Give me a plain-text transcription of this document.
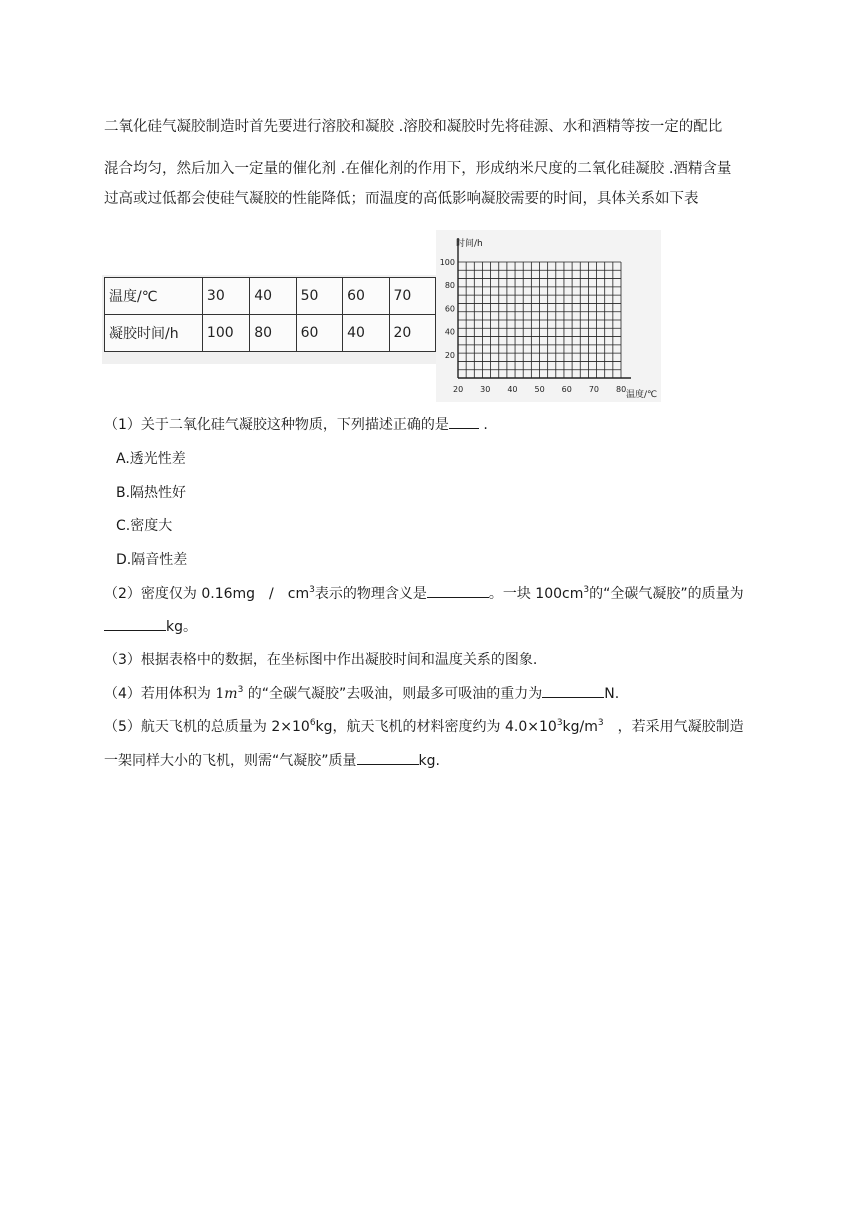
二氧化硅气凝胶制造时首先要进行溶胶和凝胶 .溶胶和凝胶时先将硅源、水和酒精等按一定的配比
混合均匀，然后加入一定量的催化剂 .在催化剂的作用下，形成纳米尺度的二氧化硅凝胶 .酒精含量
过高或过低都会使硅气凝胶的性能降低；而温度的高低影响凝胶需要的时间，具体关系如下表
温度/℃	30	40	50	60	70
凝胶时间/h	100	80	60	40	20
20 30 40 50 60 70 80
20
40
60
80
100
时间/h
温度/℃
（1）关于二氧化硅气凝胶这种物质，下列描述正确的是 .
A.透光性差
B.隔热性好
C.密度大
D.隔音性差
（2）密度仅为 0.16mg　/　$cm^3$表示的物理含义是	。一块 $100cm^3$的“全碳气凝胶”的质量为
kg。
（3）根据表格中的数据，在坐标图中作出凝胶时间和温度关系的图象.
（4）若用体积为 $1m^3$ 的“全碳气凝胶”去吸油，则最多可吸油的重力为	N.
（5）航天飞机的总质量为 $2\times 10^6kg$，航天飞机的材料密度约为 $4.0\times 10^3kg/m^3$　，若采用气凝胶制造
一架同样大小的飞机，则需“气凝胶”质量	kg.
